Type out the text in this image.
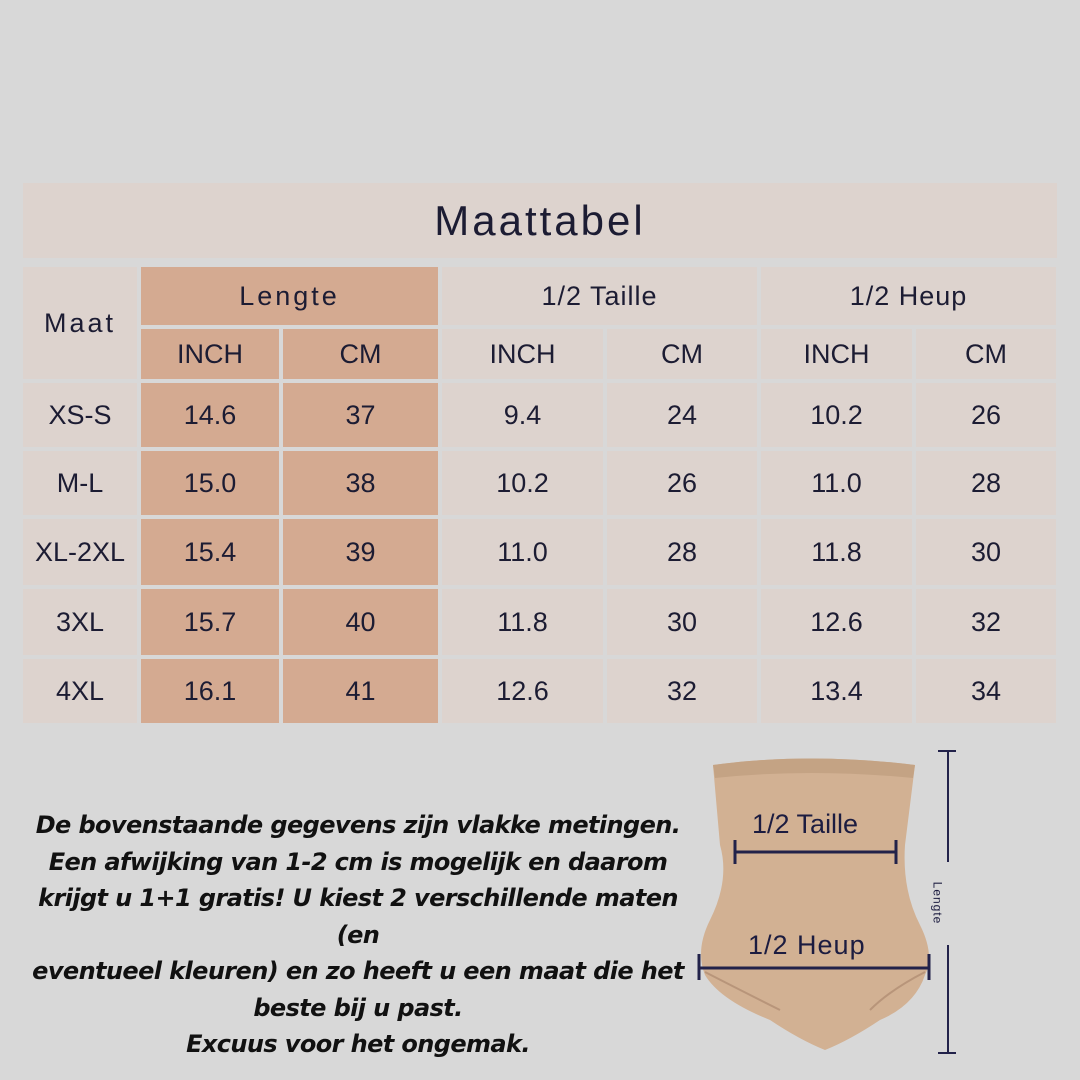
Maattabel
Maat
Lengte	1/2 Taille	1/2 Heup
INCH	CM	INCH	CM	INCH	CM
XS-S	14.6	37	9.4	24	10.2	26
M-L	15.0	38	10.2	26	11.0	28
XL-2XL	15.4	39	11.0	28	11.8	30
3XL	15.7	40	11.8	30	12.6	32
4XL	16.1	41	12.6	32	13.4	34
De bovenstaande gegevens zijn vlakke metingen.
Een afwijking van 1-2 cm is mogelijk en daarom
krijgt u 1+1 gratis! U kiest 2 verschillende maten (en
eventueel kleuren) en zo heeft u een maat die het
beste bij u past.
Excuus voor het ongemak.
1/2 Taille
1/2 Heup
Lengte
